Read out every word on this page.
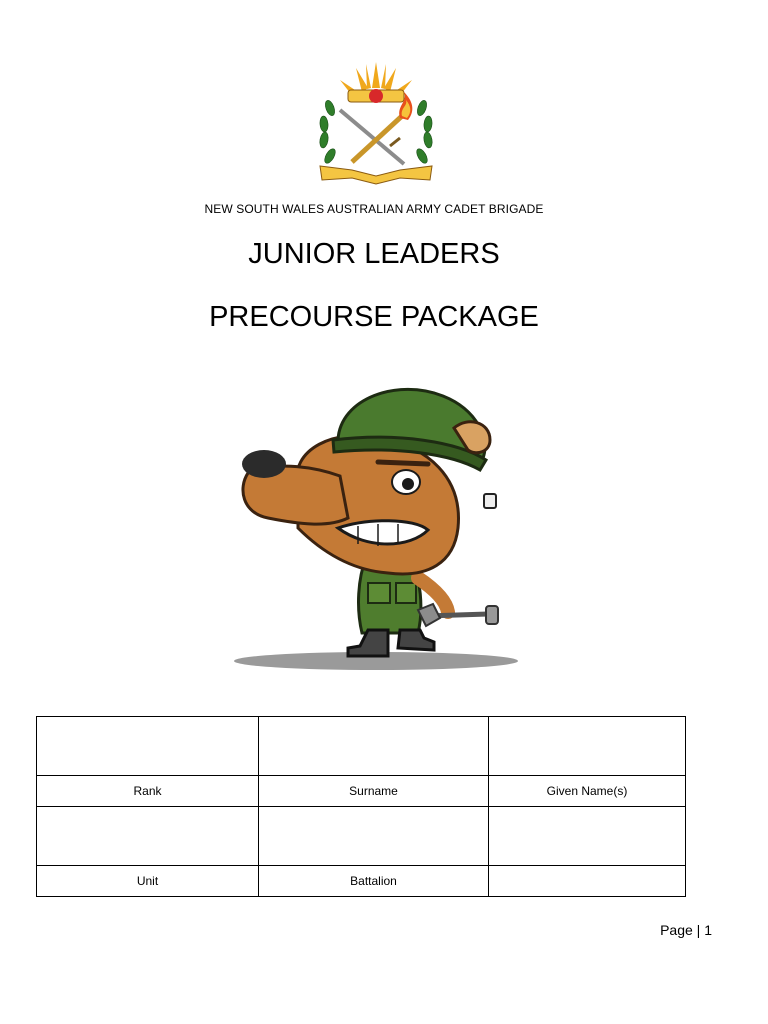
NEW SOUTH WALES AUSTRALIAN ARMY CADET BRIGADE
JUNIOR LEADERS
PRECOURSE PACKAGE

Rank	Surname	Given Name(s)

Unit	Battalion	
Page | 1
